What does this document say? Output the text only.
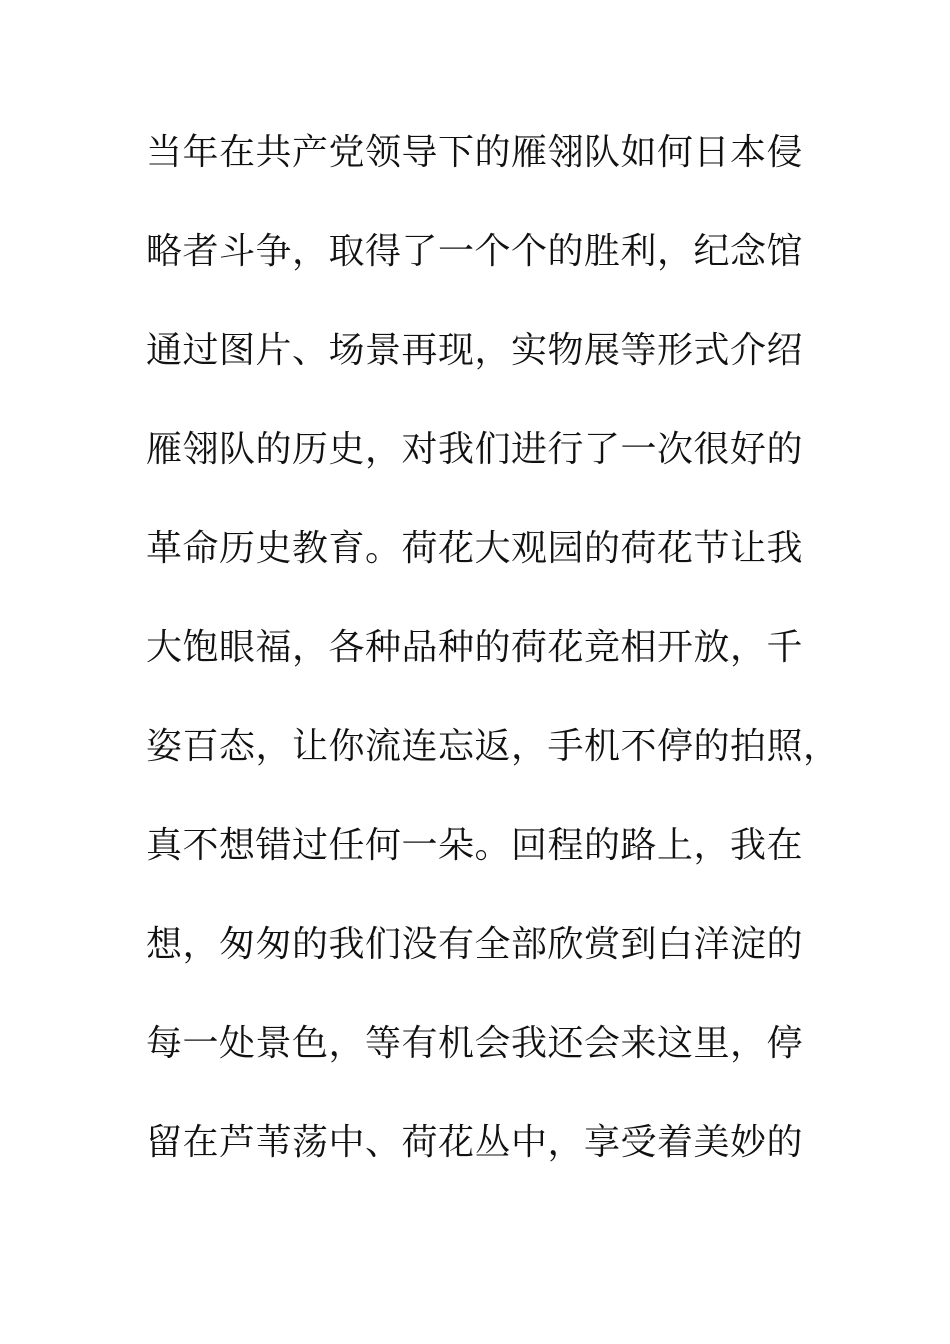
当年在共产党领导下的雁翎队如何日本侵
略者斗争，取得了一个个的胜利，纪念馆
通过图片、场景再现，实物展等形式介绍
雁翎队的历史，对我们进行了一次很好的
革命历史教育。荷花大观园的荷花节让我
大饱眼福，各种品种的荷花竞相开放，千
姿百态，让你流连忘返，手机不停的拍照，
真不想错过任何一朵。回程的路上，我在
想，匆匆的我们没有全部欣赏到白洋淀的
每一处景色，等有机会我还会来这里，停
留在芦苇荡中、荷花丛中，享受着美妙的
